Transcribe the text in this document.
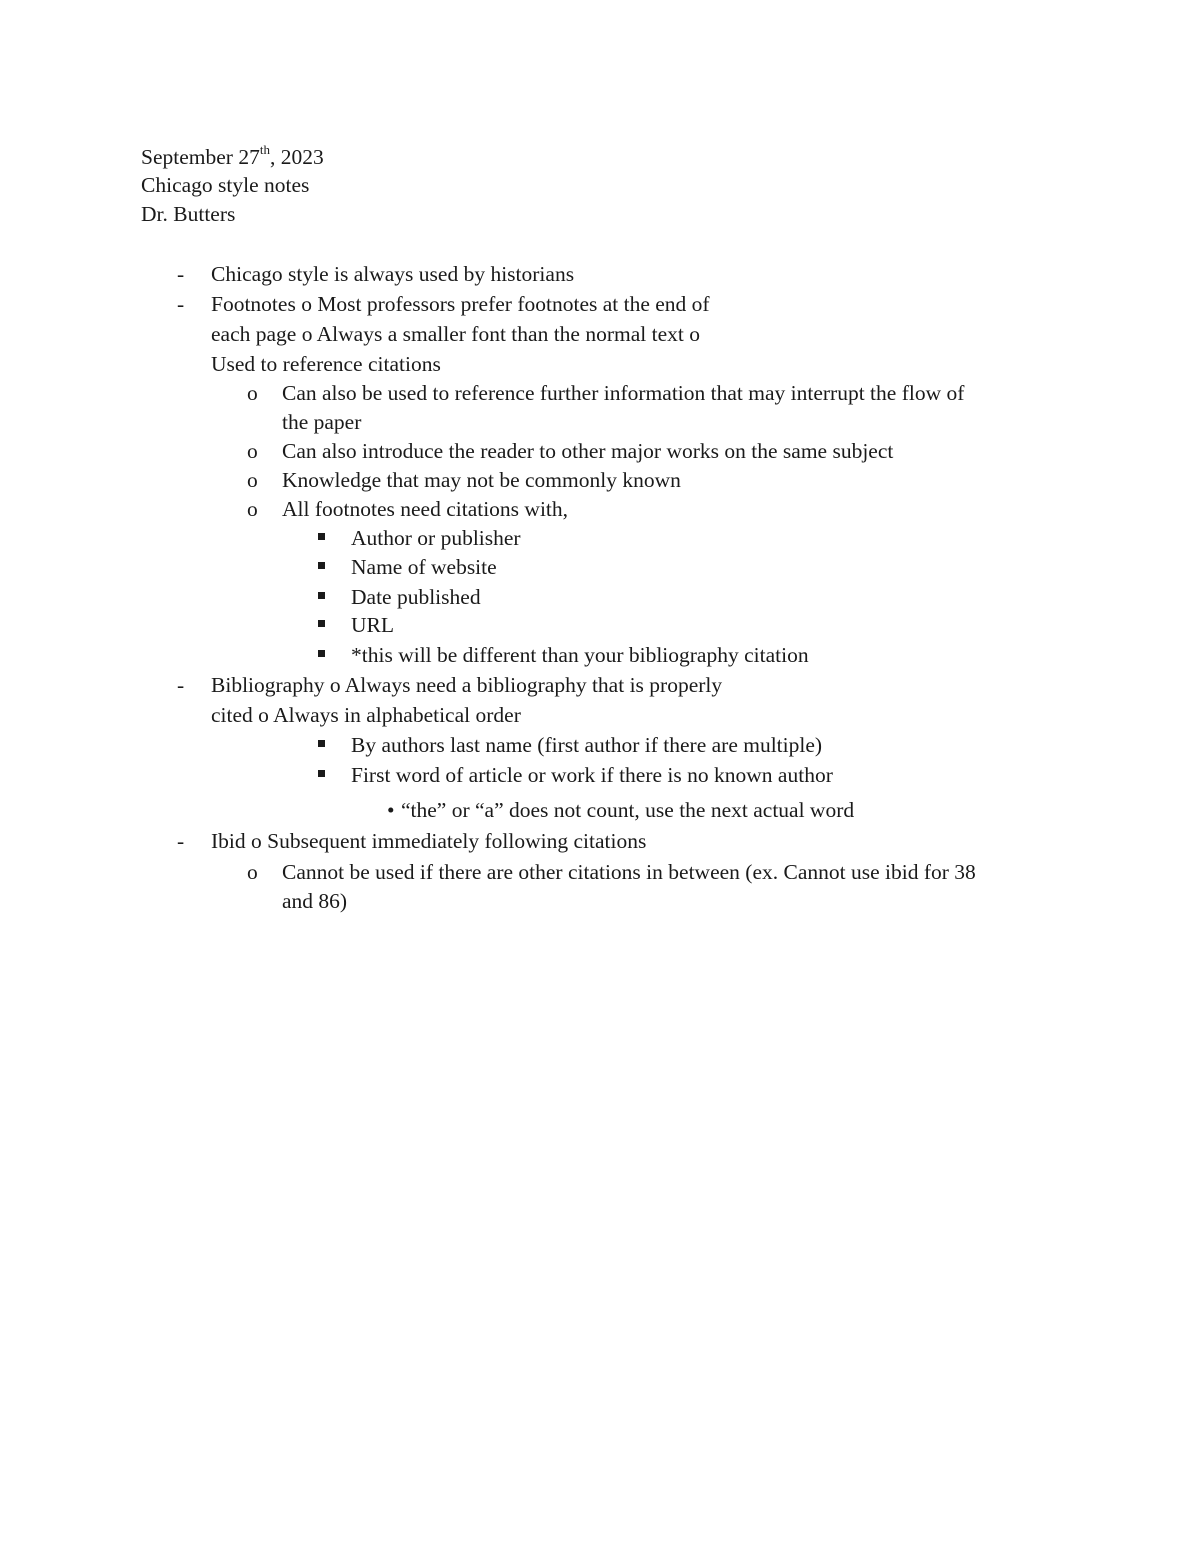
September 27th, 2023
Chicago style notes
Dr. Butters
- Chicago style is always used by historians
- Footnotes o Most professors prefer footnotes at the end of
each page o Always a smaller font than the normal text o
Used to reference citations
o Can also be used to reference further information that may interrupt the flow of
the paper
o Can also introduce the reader to other major works on the same subject
o Knowledge that may not be commonly known
o All footnotes need citations with,
Author or publisher
Name of website
Date published
URL
*this will be different than your bibliography citation
- Bibliography o Always need a bibliography that is properly
cited o Always in alphabetical order
By authors last name (first author if there are multiple)
First word of article or work if there is no known author
• “the” or “a” does not count, use the next actual word
- Ibid o Subsequent immediately following citations
o Cannot be used if there are other citations in between (ex. Cannot use ibid for 38
and 86)
